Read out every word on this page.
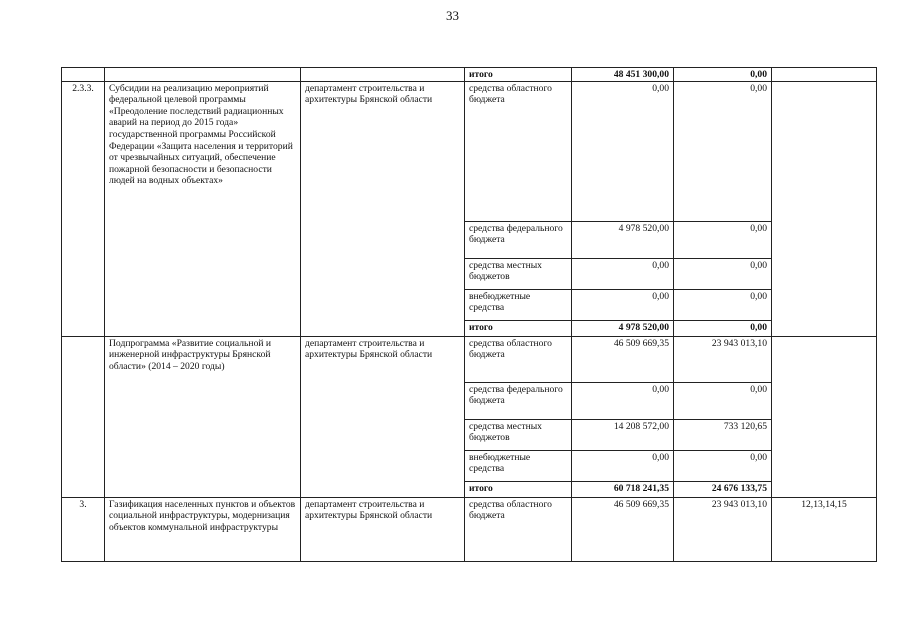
33
			итого	48 451 300,00	0,00	
2.3.3.	Субсидии на реализацию мероприятий федеральной целевой программы «Преодоление последствий радиационных аварий на период до 2015 года» государственной программы Российской Федерации «Защита населения и территорий от чрезвычайных ситуаций, обеспечение пожарной безопасности и безопасности людей на водных объектах»	департамент строительства и архитектуры Брянской области	средства областного бюджета	0,00	0,00	
			средства федерального бюджета	4 978 520,00	0,00	
			средства местных бюджетов	0,00	0,00	
			внебюджетные средства	0,00	0,00	
			итого	4 978 520,00	0,00	
	Подпрограмма «Развитие социальной и инженерной инфраструктуры Брянской области» (2014 – 2020 годы)	департамент строительства и архитектуры Брянской области	средства областного бюджета	46 509 669,35	23 943 013,10	
			средства федерального бюджета	0,00	0,00	
			средства местных бюджетов	14 208 572,00	733 120,65	
			внебюджетные средства	0,00	0,00	
			итого	60 718 241,35	24 676 133,75	
3.	Газификация населенных пунктов и объектов социальной инфраструктуры, модернизация объектов коммунальной инфраструктуры	департамент строительства и архитектуры Брянской области	средства областного бюджета	46 509 669,35	23 943 013,10	12,13,14,15
